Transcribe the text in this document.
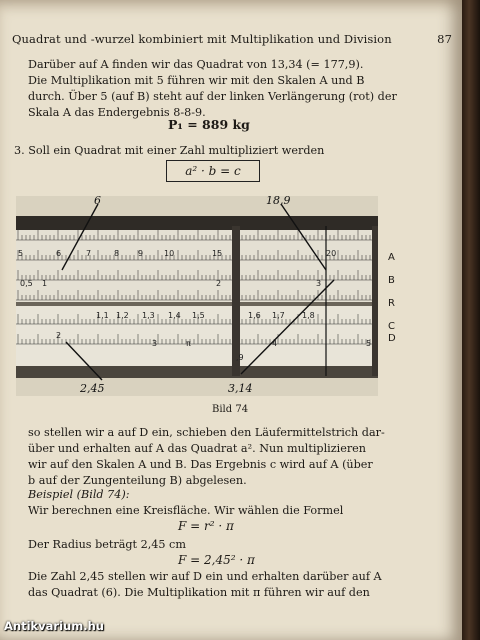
Quadrat und -wurzel kombiniert mit Multiplikation und Division	87

Darüber auf A finden wir das Quadrat von 13,34 (= 177,9).

Die Multiplikation mit 5 führen wir mit den Skalen A und B

durch. Über 5 (auf B) steht auf der linken Verlängerung (rot) der

Skala A das Endergebnis 8-8-9.

P₁ = 889 kg
3. Soll ein Quadrat mit einer Zahl multipliziert werden
a² · b = c
5	6	7	8 9	10	15	20
0,5 1	2	3
1,1 1,2 1,3 1,4 1,5	1,6 1,7 1,8
3	π	4	5
2
,9
6	18,9
2,45	3,14
A
B
R
C
D
Bild 74

so stellen wir a auf D ein, schieben den Läufermittelstrich dar-

über und erhalten auf A das Quadrat a². Nun multiplizieren

wir auf den Skalen A und B. Das Ergebnis c wird auf A (über

b auf der Zungenteilung B) abgelesen.

Beispiel (Bild 74):
Wir berechnen eine Kreisfläche. Wir wählen die Formel
F = r² · π
Der Radius beträgt 2,45 cm
F = 2,45² · π

Die Zahl 2,45 stellen wir auf D ein und erhalten darüber auf A

das Quadrat (6). Die Multiplikation mit π führen wir auf den

Antikvarium.hu
